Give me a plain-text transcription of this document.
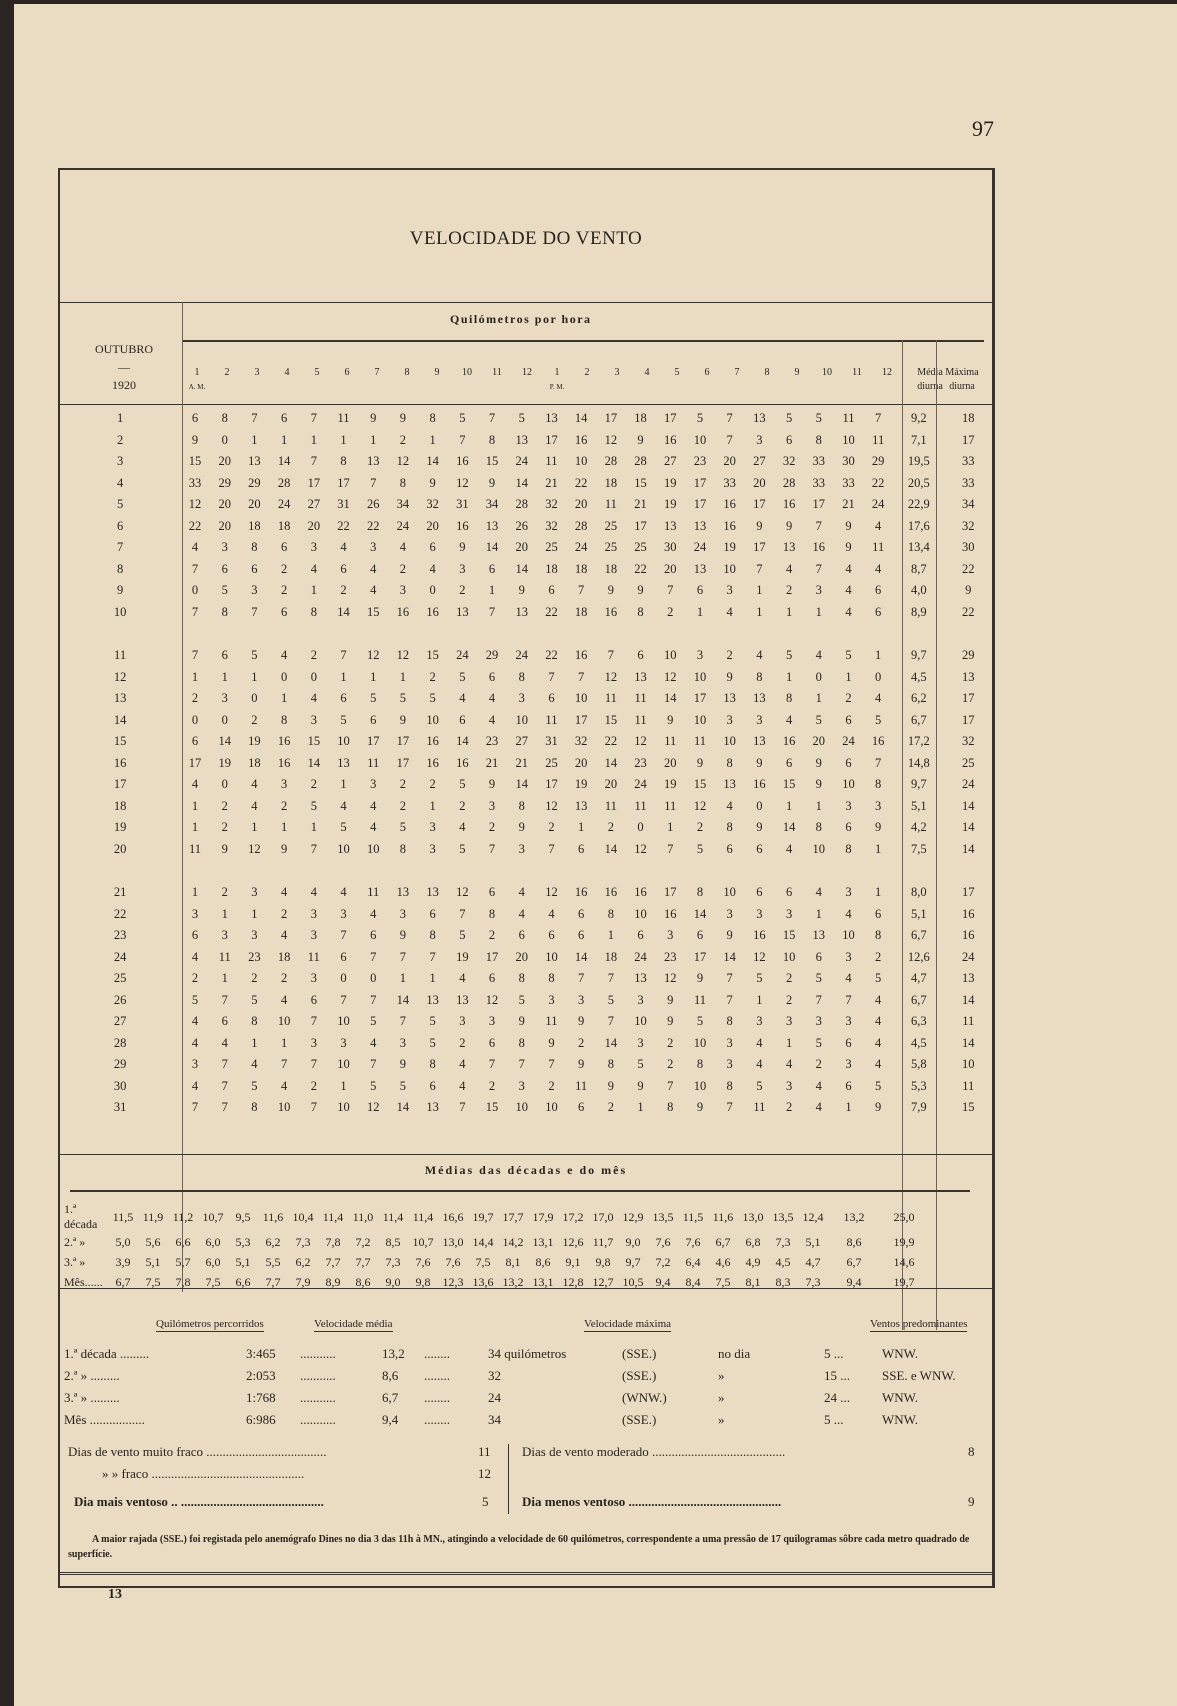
97
VELOCIDADE DO VENTO
Quilómetros por hora
OUTUBRO
—
1920
1
A. M.
2	3	4	5	6	7	8	9	10	11	12	1
P. M.
2	3	4	5	6	7	8	9	10	11	12	Média
diurna
Máxima
diurna
1	6	8	7	6	7	11	9	9	8	5	7	5	13	14	17	18	17	5	7	13	5	5	11	7	9,2	18
2	9	0	1	1	1	1	1	2	1	7	8	13	17	16	12	9	16	10	7	3	6	8	10	11	7,1	17
3	15	20	13	14	7	8	13	12	14	16	15	24	11	10	28	28	27	23	20	27	32	33	30	29	19,5	33
4	33	29	29	28	17	17	7	8	9	12	9	14	21	22	18	15	19	17	33	20	28	33	33	22	20,5	33
5	12	20	20	24	27	31	26	34	32	31	34	28	32	20	11	21	19	17	16	17	16	17	21	24	22,9	34
6	22	20	18	18	20	22	22	24	20	16	13	26	32	28	25	17	13	13	16	9	9	7	9	4	17,6	32
7	4	3	8	6	3	4	3	4	6	9	14	20	25	24	25	25	30	24	19	17	13	16	9	11	13,4	30
8	7	6	6	2	4	6	4	2	4	3	6	14	18	18	18	22	20	13	10	7	4	7	4	4	8,7	22
9	0	5	3	2	1	2	4	3	0	2	1	9	6	7	9	9	7	6	3	1	2	3	4	6	4,0	9
10	7	8	7	6	8	14	15	16	16	13	7	13	22	18	16	8	2	1	4	1	1	1	4	6	8,9	22

11	7	6	5	4	2	7	12	12	15	24	29	24	22	16	7	6	10	3	2	4	5	4	5	1	9,7	29
12	1	1	1	0	0	1	1	1	2	5	6	8	7	7	12	13	12	10	9	8	1	0	1	0	4,5	13
13	2	3	0	1	4	6	5	5	5	4	4	3	6	10	11	11	14	17	13	13	8	1	2	4	6,2	17
14	0	0	2	8	3	5	6	9	10	6	4	10	11	17	15	11	9	10	3	3	4	5	6	5	6,7	17
15	6	14	19	16	15	10	17	17	16	14	23	27	31	32	22	12	11	11	10	13	16	20	24	16	17,2	32
16	17	19	18	16	14	13	11	17	16	16	21	21	25	20	14	23	20	9	8	9	6	9	6	7	14,8	25
17	4	0	4	3	2	1	3	2	2	5	9	14	17	19	20	24	19	15	13	16	15	9	10	8	9,7	24
18	1	2	4	2	5	4	4	2	1	2	3	8	12	13	11	11	11	12	4	0	1	1	3	3	5,1	14
19	1	2	1	1	1	5	4	5	3	4	2	9	2	1	2	0	1	2	8	9	14	8	6	9	4,2	14
20	11	9	12	9	7	10	10	8	3	5	7	3	7	6	14	12	7	5	6	6	4	10	8	1	7,5	14

21	1	2	3	4	4	4	11	13	13	12	6	4	12	16	16	16	17	8	10	6	6	4	3	1	8,0	17
22	3	1	1	2	3	3	4	3	6	7	8	4	4	6	8	10	16	14	3	3	3	1	4	6	5,1	16
23	6	3	3	4	3	7	6	9	8	5	2	6	6	6	1	6	3	6	9	16	15	13	10	8	6,7	16
24	4	11	23	18	11	6	7	7	7	19	17	20	10	14	18	24	23	17	14	12	10	6	3	2	12,6	24
25	2	1	2	2	3	0	0	1	1	4	6	8	8	7	7	13	12	9	7	5	2	5	4	5	4,7	13
26	5	7	5	4	6	7	7	14	13	13	12	5	3	3	5	3	9	11	7	1	2	7	7	4	6,7	14
27	4	6	8	10	7	10	5	7	5	3	3	9	11	9	7	10	9	5	8	3	3	3	3	4	6,3	11
28	4	4	1	1	3	3	4	3	5	2	6	8	9	2	14	3	2	10	3	4	1	5	6	4	4,5	14
29	3	7	4	7	7	10	7	9	8	4	7	7	7	9	8	5	2	8	3	4	4	2	3	4	5,8	10
30	4	7	5	4	2	1	5	5	6	4	2	3	2	11	9	9	7	10	8	5	3	4	6	5	5,3	11
31	7	7	8	10	7	10	12	14	13	7	15	10	10	6	2	1	8	9	7	11	2	4	1	9	7,9	15
Médias das décadas e do mês
1.ª década	11,5	11,9	11,2	10,7	9,5	11,6	10,4	11,4	11,0	11,4	11,4	16,6	19,7	17,7	17,9	17,2	17,0	12,9	13,5	11,5	11,6	13,0	13,5	12,4	13,2	25,0
2.ª »	5,0	5,6	6,6	6,0	5,3	6,2	7,3	7,8	7,2	8,5	10,7	13,0	14,4	14,2	13,1	12,6	11,7	9,0	7,6	7,6	6,7	6,8	7,3	5,1	8,6	19,9
3.ª »	3,9	5,1	5,7	6,0	5,1	5,5	6,2	7,7	7,7	7,3	7,6	7,6	7,5	8,1	8,6	9,1	9,8	9,7	7,2	6,4	4,6	4,9	4,5	4,7	6,7	14,6
Mês......	6,7	7,5	7,8	7,5	6,6	7,7	7,9	8,9	8,6	9,0	9,8	12,3	13,6	13,2	13,1	12,8	12,7	10,5	9,4	8,4	7,5	8,1	8,3	7,3	9,4	19,7
Quilómetros percorridos	Velocidade média	Velocidade máxima	Ventos predominantes
1.ª década .........	3:465 ...........	13,2 ........	34 quilómetros	(SSE.)	no dia	5 ...	WNW.
2.ª » .........	2:053 ...........	8,6 ........	32	(SSE.)	»	15 ... SSE. e WNW.
3.ª » .........	1:768 ...........	6,7 ........	24	(WNW.)	»	24 ... WNW.
Mês .................	6:986 ...........	9,4 ........	34	(SSE.)	»	5 ...	WNW.
Dias de vento muito fraco .....................................	11
» » fraco ...............................................	12
Dia mais ventoso .. ............................................	5
Dias de vento moderado .........................................	8
Dia menos ventoso ...............................................	9
A maior rajada (SSE.) foi registada pelo anemógrafo Dines no dia 3 das 11h à MN., atingindo a velocidade de 60 quilómetros, correspondente a uma pressão de 17 quilogramas sôbre cada metro quadrado de superfície.
13
